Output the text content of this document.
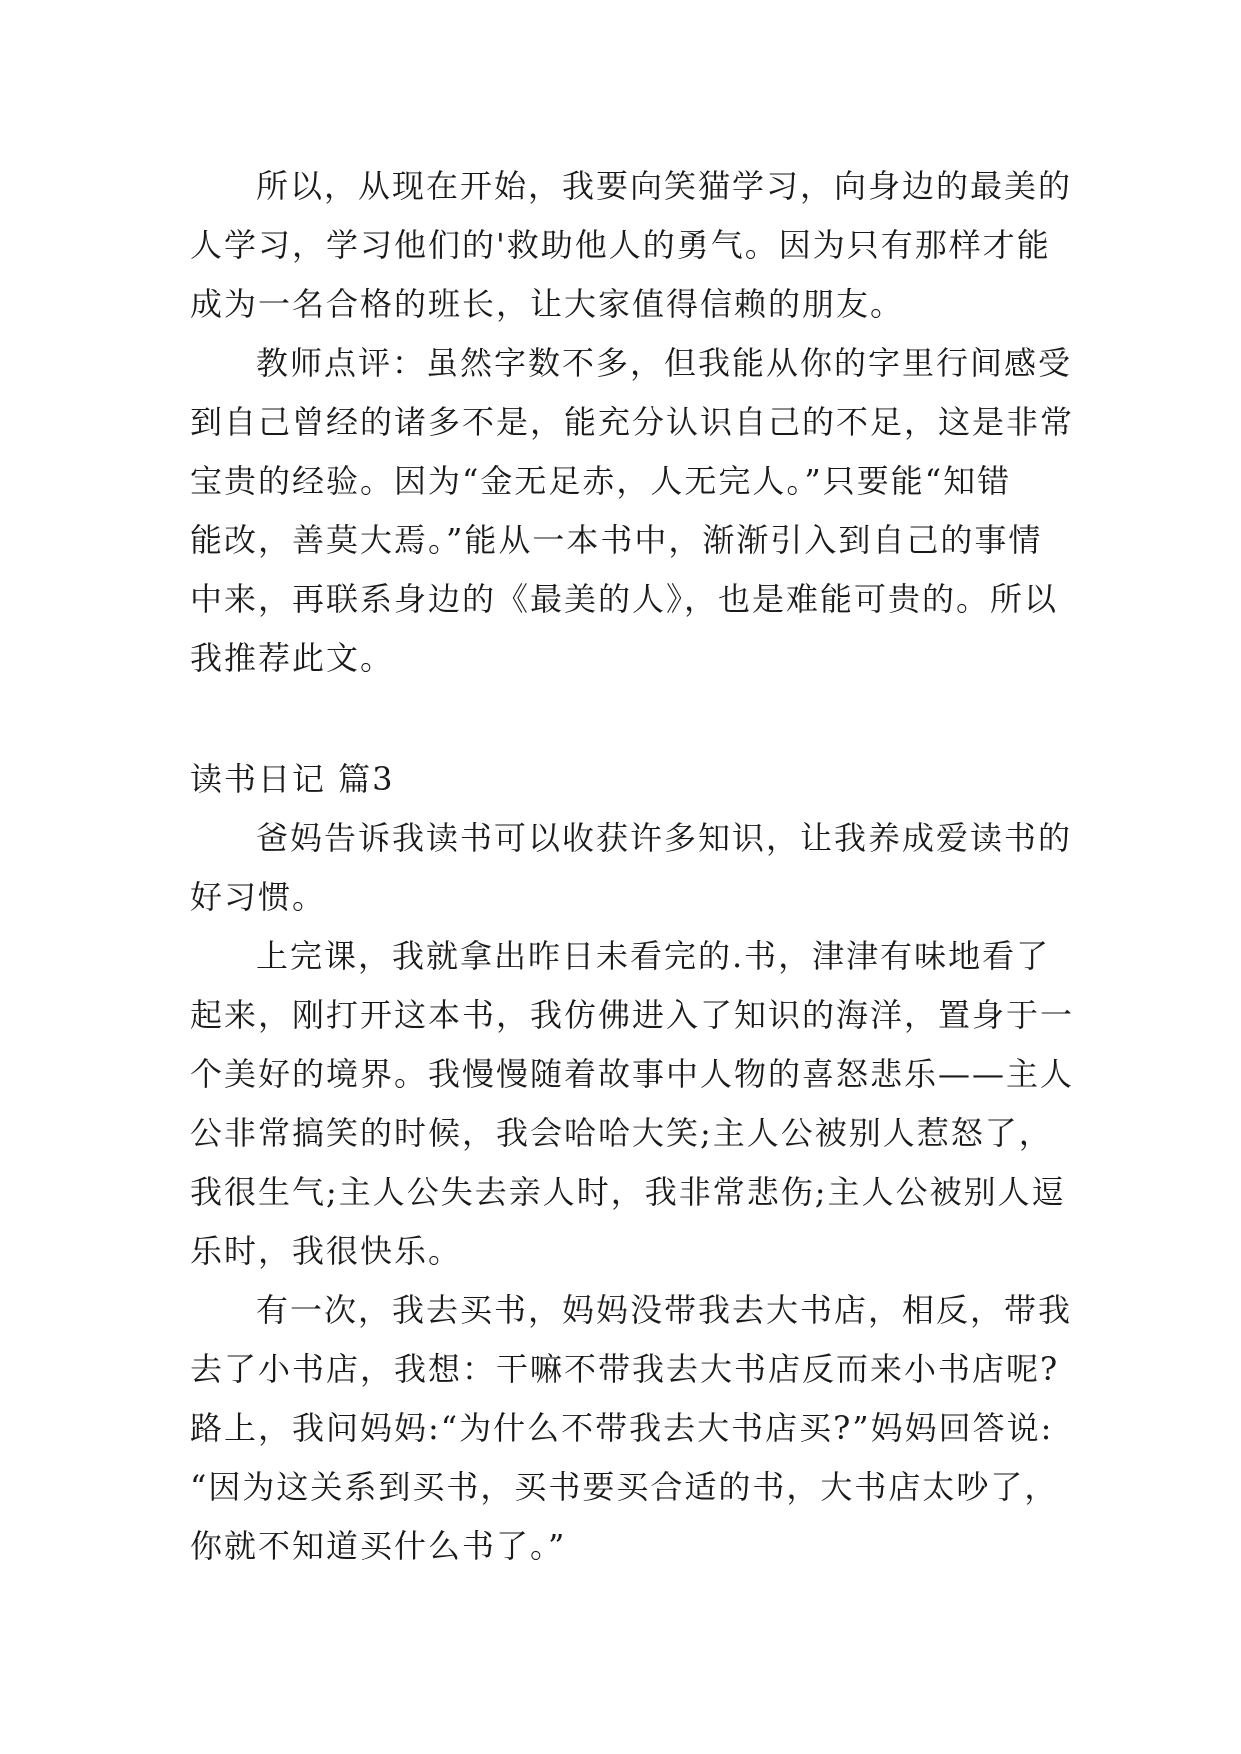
所以，从现在开始，我要向笑猫学习，向身边的最美的
人学习，学习他们的'救助他人的勇气。因为只有那样才能
成为一名合格的班长，让大家值得信赖的朋友。
教师点评：虽然字数不多，但我能从你的字里行间感受
到自己曾经的诸多不是，能充分认识自己的不足，这是非常
宝贵的经验。因为“金无足赤，人无完人。”只要能“知错
能改，善莫大焉。”能从一本书中，渐渐引入到自己的事情
中来，再联系身边的《最美的人》，也是难能可贵的。所以
我推荐此文。
读书日记 篇3
爸妈告诉我读书可以收获许多知识，让我养成爱读书的
好习惯。
上完课，我就拿出昨日未看完的.书，津津有味地看了
起来，刚打开这本书，我仿佛进入了知识的海洋，置身于一
个美好的境界。我慢慢随着故事中人物的喜怒悲乐——主人
公非常搞笑的时候，我会哈哈大笑;主人公被别人惹怒了，
我很生气;主人公失去亲人时，我非常悲伤;主人公被别人逗
乐时，我很快乐。
有一次，我去买书，妈妈没带我去大书店，相反，带我
去了小书店，我想：干嘛不带我去大书店反而来小书店呢?
路上，我问妈妈:“为什么不带我去大书店买?”妈妈回答说:
“因为这关系到买书，买书要买合适的书，大书店太吵了，
你就不知道买什么书了。”
